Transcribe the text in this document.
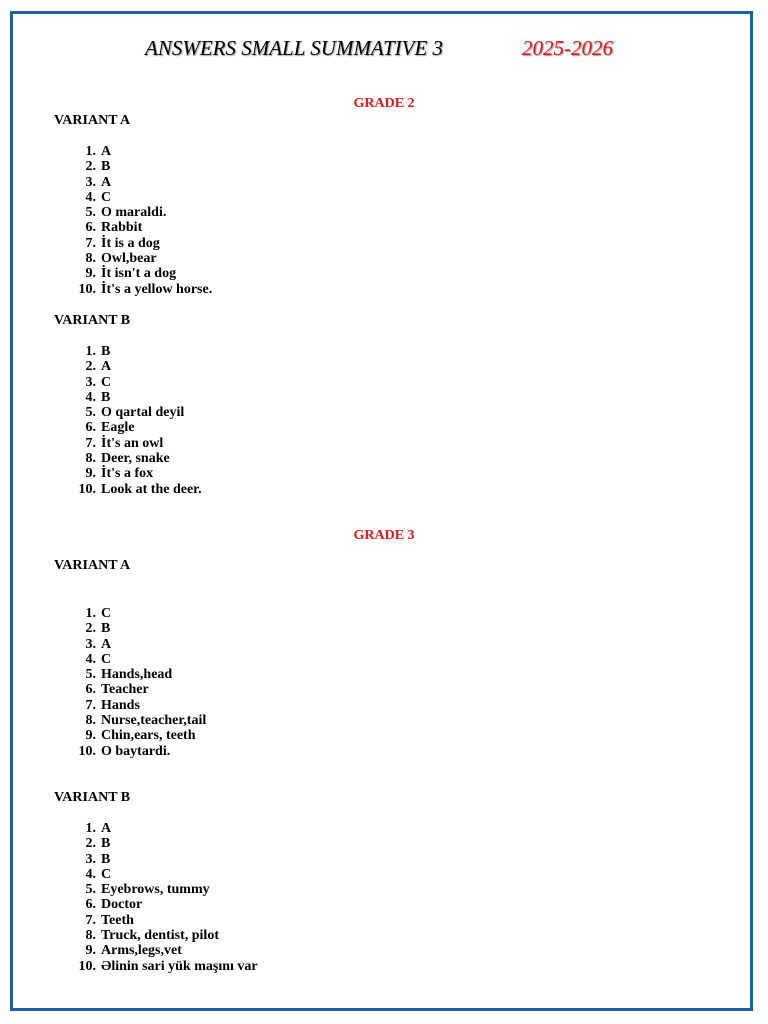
ANSWERS SMALL SUMMATIVE 3	2025-2026
GRADE 2
VARIANT A
1. A
2. B
3. A
4. C
5. O maraldi.
6. Rabbit
7. İt is a dog
8. Owl,bear
9. İt isn't a dog
10. İt's a yellow horse.
VARIANT B
1. B
2. A
3. C
4. B
5. O qartal deyil
6. Eagle
7. İt's an owl
8. Deer, snake
9. İt's a fox
10. Look at the deer.
GRADE 3
VARIANT A
1. C
2. B
3. A
4. C
5. Hands,head
6. Teacher
7. Hands
8. Nurse,teacher,tail
9. Chin,ears, teeth
10. O baytardi.
VARIANT B
1. A
2. B
3. B
4. C
5. Eyebrows, tummy
6. Doctor
7. Teeth
8. Truck, dentist, pilot
9. Arms,legs,vet
10. Əlinin sari yük maşını var
